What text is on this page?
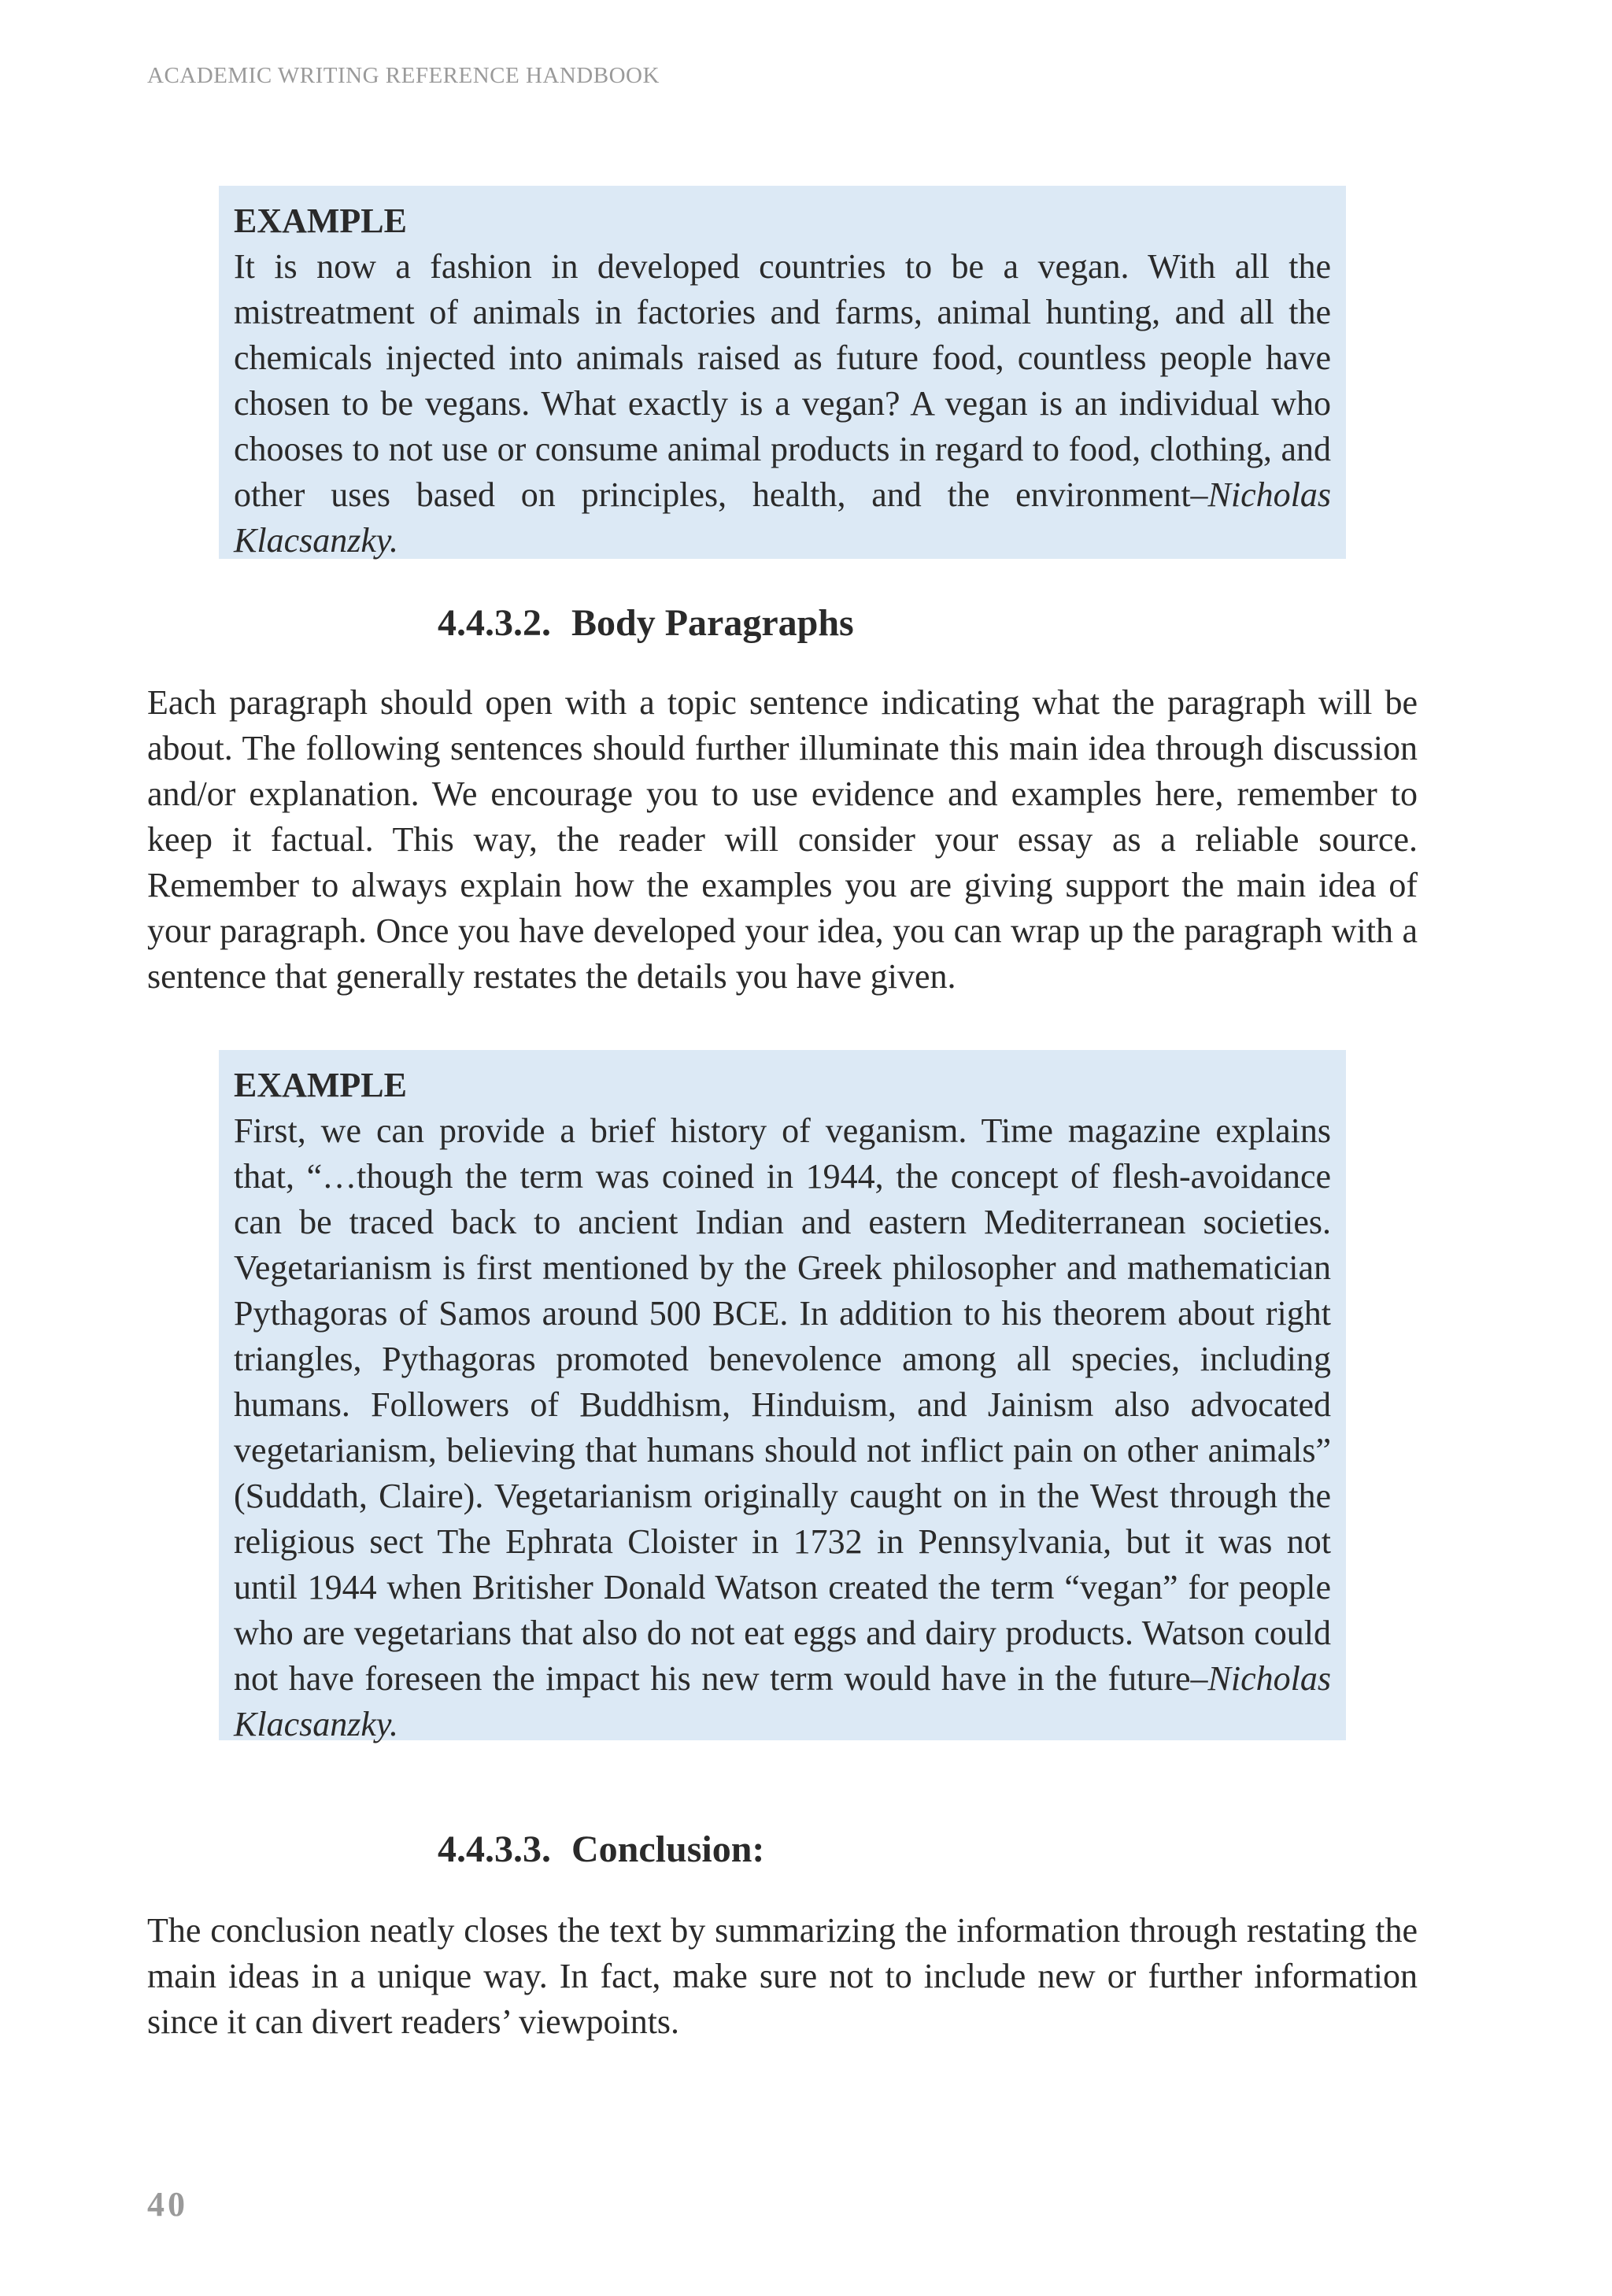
ACADEMIC WRITING REFERENCE HANDBOOK
EXAMPLE
It is now a fashion in developed countries to be a vegan. With all the mistreatment of animals in factories and farms, animal hunting, and all the chemicals injected into animals raised as future food, countless people have chosen to be vegans. What exactly is a vegan? A vegan is an individual who chooses to not use or consume animal products in regard to food, clothing, and other uses based on principles, health, and the environment–Nicholas Klacsanzky.
4.4.3.2. Body Paragraphs
Each paragraph should open with a topic sentence indicating what the paragraph will be about. The following sentences should further illuminate this main idea through discussion and/or explanation. We encourage you to use evidence and examples here, remember to keep it factual. This way, the reader will consider your essay as a reliable source. Remember to always explain how the examples you are giving support the main idea of your paragraph. Once you have developed your idea, you can wrap up the paragraph with a sentence that generally restates the details you have given.
EXAMPLE
First, we can provide a brief history of veganism. Time magazine explains that, “…though the term was coined in 1944, the concept of flesh-avoidance can be traced back to ancient Indian and eastern Mediterranean societies. Vegetarianism is first mentioned by the Greek philosopher and mathematician Pythagoras of Samos around 500 BCE. In addition to his theorem about right triangles, Pythagoras promoted benevolence among all species, including humans. Followers of Buddhism, Hinduism, and Jainism also advocated vegetarianism, believing that humans should not inflict pain on other animals” (Suddath, Claire). Vegetarianism originally caught on in the West through the religious sect The Ephrata Cloister in 1732 in Pennsylvania, but it was not until 1944 when Britisher Donald Watson created the term “vegan” for people who are vegetarians that also do not eat eggs and dairy products. Watson could not have foreseen the impact his new term would have in the future–Nicholas Klacsanzky.
4.4.3.3. Conclusion:
The conclusion neatly closes the text by summarizing the information through restating the main ideas in a unique way. In fact, make sure not to include new or further information since it can divert readers’ viewpoints.
40
